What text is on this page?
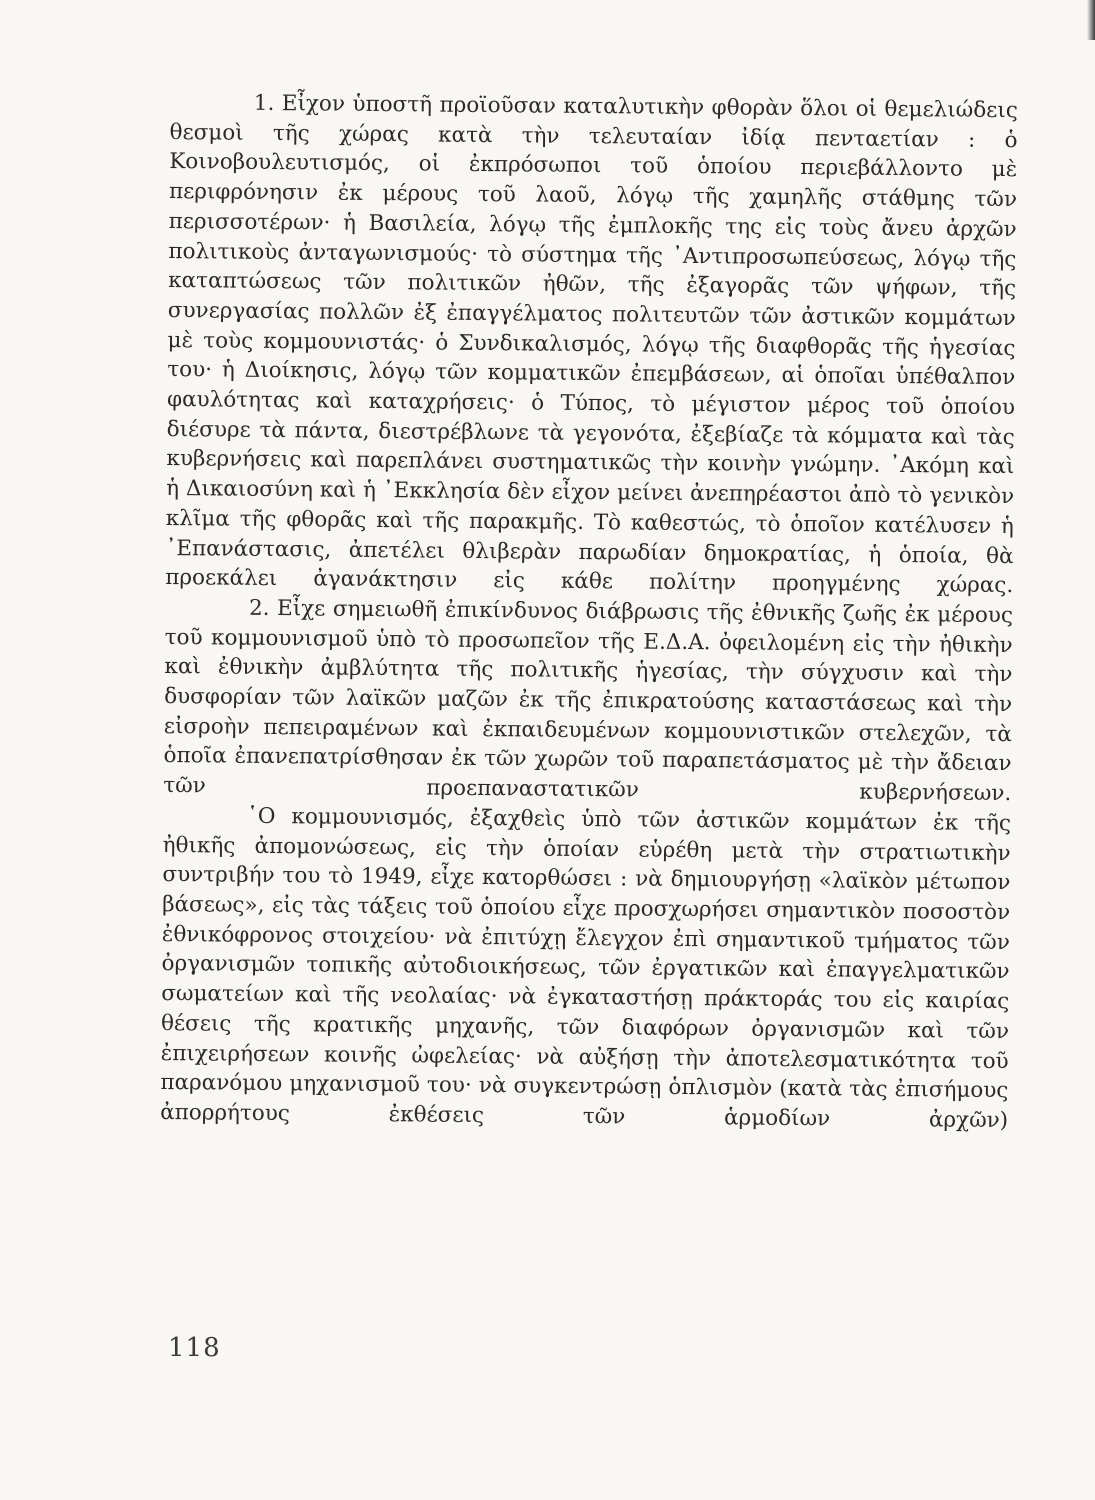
1. Εἶχον ὑποστῆ προϊοῦσαν καταλυτικὴν φθορὰν ὅλοι οἱ θεμελιώδεις θεσμοὶ τῆς χώρας κατὰ τὴν τελευταίαν ἰδίᾳ πενταετίαν : ὁ Κοινοβουλευτισμός, οἱ ἐκπρόσωποι τοῦ ὁποίου περιεβάλλοντο μὲ περιφρόνησιν ἐκ μέρους τοῦ λαοῦ, λόγῳ τῆς χαμηλῆς στάθμης τῶν περισσοτέρων· ἡ Βασιλεία, λόγῳ τῆς ἐμπλοκῆς της εἰς τοὺς ἄνευ ἀρχῶν πολιτικοὺς ἀνταγωνισμούς· τὸ σύστημα τῆς ᾿Αντιπροσωπεύσεως, λόγῳ τῆς καταπτώσεως τῶν πολιτικῶν ἠθῶν, τῆς ἐξαγορᾶς τῶν ψήφων, τῆς συνεργασίας πολλῶν ἐξ ἐπαγγέλματος πολιτευτῶν τῶν ἀστικῶν κομμάτων μὲ τοὺς κομμουνιστάς· ὁ Συνδικαλισμός, λόγῳ τῆς διαφθορᾶς τῆς ἡγεσίας του· ἡ Διοίκησις, λόγῳ τῶν κομματικῶν ἐπεμβάσεων, αἱ ὁποῖαι ὑπέθαλπον φαυλότητας καὶ καταχρήσεις· ὁ Τύπος, τὸ μέγιστον μέρος τοῦ ὁποίου διέσυρε τὰ πάντα, διεστρέβλωνε τὰ γεγονότα, ἐξεβίαζε τὰ κόμματα καὶ τὰς κυβερνήσεις καὶ παρεπλάνει συστηματικῶς τὴν κοινὴν γνώμην. ᾿Ακόμη καὶ ἡ Δικαιοσύνη καὶ ἡ ᾿Εκκλησία δὲν εἶχον μείνει ἀνεπηρέαστοι ἀπὸ τὸ γενικὸν κλῖμα τῆς φθορᾶς καὶ τῆς παρακμῆς. Τὸ καθεστώς, τὸ ὁποῖον κατέλυσεν ἡ ᾿Επανάστασις, ἀπετέλει θλιβερὰν παρωδίαν δημοκρατίας, ἡ ὁποία, θὰ προεκάλει ἀγανάκτησιν εἰς κάθε πολίτην προηγμένης χώρας.

2. Εἶχε σημειωθῆ ἐπικίνδυνος διάβρωσις τῆς ἐθνικῆς ζωῆς ἐκ μέρους τοῦ κομμουνισμοῦ ὑπὸ τὸ προσωπεῖον τῆς Ε.Δ.Α. ὀφειλομένη εἰς τὴν ἠθικὴν καὶ ἐθνικὴν ἀμβλύτητα τῆς πολιτικῆς ἡγεσίας, τὴν σύγχυσιν καὶ τὴν δυσφορίαν τῶν λαϊκῶν μαζῶν ἐκ τῆς ἐπικρατούσης καταστάσεως καὶ τὴν εἰσροὴν πεπειραμένων καὶ ἐκπαιδευμένων κομμουνιστικῶν στελεχῶν, τὰ ὁποῖα ἐπανεπατρίσθησαν ἐκ τῶν χωρῶν τοῦ παραπετάσματος μὲ τὴν ἄδειαν τῶν προεπαναστατικῶν κυβερνήσεων.

῾Ο κομμουνισμός, ἐξαχθεὶς ὑπὸ τῶν ἀστικῶν κομμάτων ἐκ τῆς ἠθικῆς ἀπομονώσεως, εἰς τὴν ὁποίαν εὑρέθη μετὰ τὴν στρατιωτικὴν συντριβήν του τὸ 1949, εἶχε κατορθώσει : νὰ δημιουργήσῃ «λαϊκὸν μέτωπον βάσεως», εἰς τὰς τάξεις τοῦ ὁποίου εἶχε προσχωρήσει σημαντικὸν ποσοστὸν ἐθνικόφρονος στοιχείου· νὰ ἐπιτύχῃ ἔλεγχον ἐπὶ σημαντικοῦ τμήματος τῶν ὀργανισμῶν τοπικῆς αὐτοδιοικήσεως, τῶν ἐργατικῶν καὶ ἐπαγγελματικῶν σωματείων καὶ τῆς νεολαίας· νὰ ἐγκαταστήσῃ πράκτοράς του εἰς καιρίας θέσεις τῆς κρατικῆς μηχανῆς, τῶν διαφόρων ὀργανισμῶν καὶ τῶν ἐπιχειρήσεων κοινῆς ὠφελείας· νὰ αὐξήσῃ τὴν ἀποτελεσματικότητα τοῦ παρανόμου μηχανισμοῦ του· νὰ συγκεντρώσῃ ὁπλισμὸν (κατὰ τὰς ἐπισήμους ἀπορρήτους ἐκθέσεις τῶν ἁρμοδίων ἀρχῶν)

118
